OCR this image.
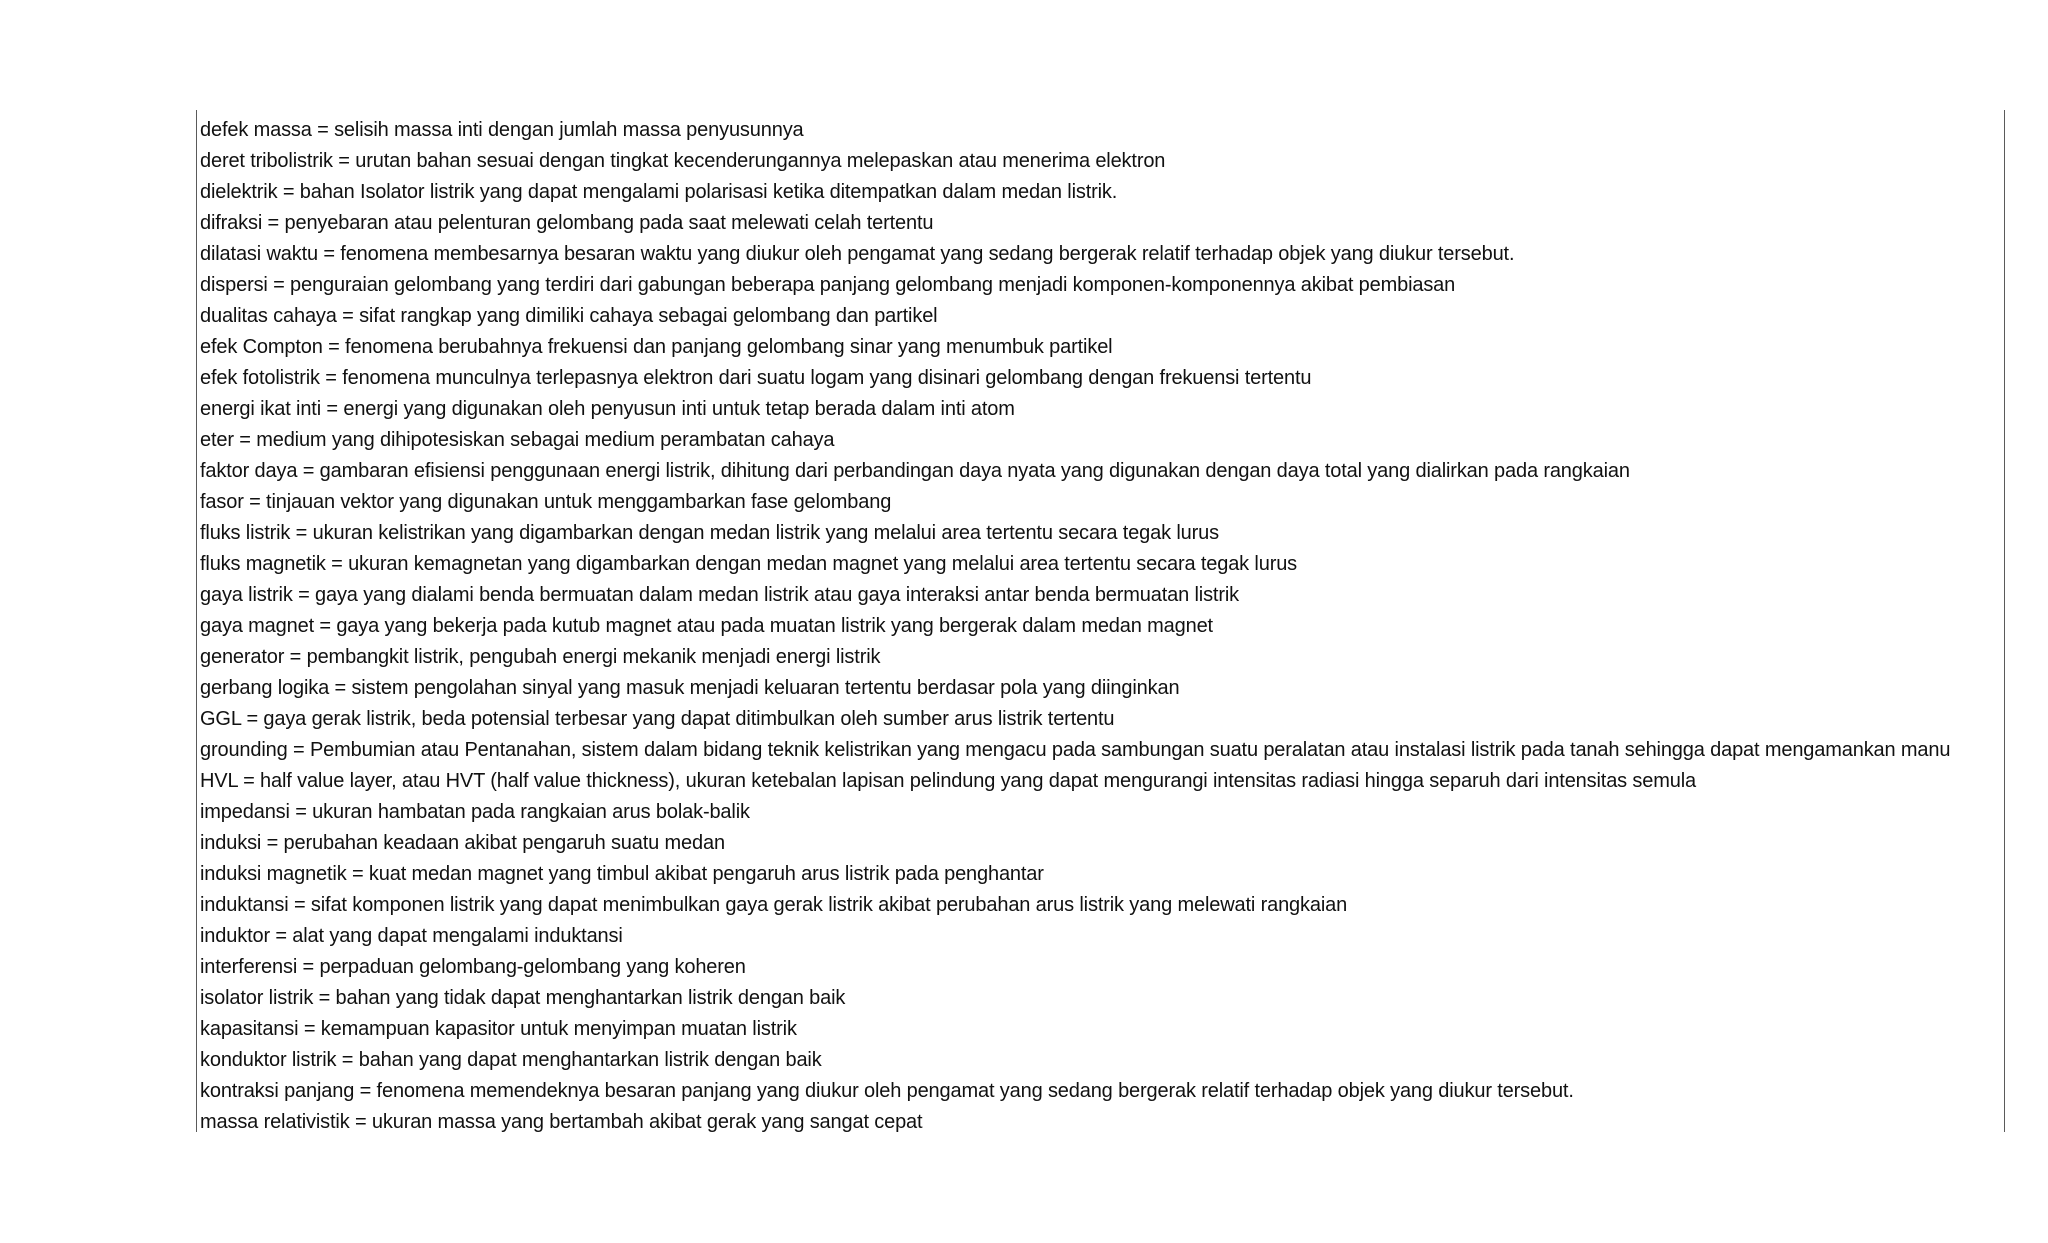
defek massa = selisih massa inti dengan jumlah massa penyusunnya
deret tribolistrik = urutan bahan sesuai dengan tingkat kecenderungannya melepaskan atau menerima elektron
dielektrik = bahan Isolator listrik yang dapat mengalami polarisasi ketika ditempatkan dalam medan listrik.
difraksi = penyebaran atau pelenturan gelombang pada saat melewati celah tertentu
dilatasi waktu = fenomena membesarnya besaran waktu yang diukur oleh pengamat yang sedang bergerak relatif terhadap objek yang diukur tersebut.
dispersi = penguraian gelombang yang terdiri dari gabungan beberapa panjang gelombang menjadi komponen-komponennya akibat pembiasan
dualitas cahaya = sifat rangkap yang dimiliki cahaya sebagai gelombang dan partikel
efek Compton = fenomena berubahnya frekuensi dan panjang gelombang sinar yang menumbuk partikel
efek fotolistrik = fenomena munculnya terlepasnya elektron dari suatu logam yang disinari gelombang dengan frekuensi tertentu
energi ikat inti = energi yang digunakan oleh penyusun inti untuk tetap berada dalam inti atom
eter = medium yang dihipotesiskan sebagai medium perambatan cahaya
faktor daya = gambaran efisiensi penggunaan energi listrik, dihitung dari perbandingan daya nyata yang digunakan dengan daya total yang dialirkan pada rangkaian
fasor = tinjauan vektor yang digunakan untuk menggambarkan fase gelombang
fluks listrik = ukuran kelistrikan yang digambarkan dengan medan listrik yang melalui area tertentu secara tegak lurus
fluks magnetik = ukuran kemagnetan yang digambarkan dengan medan magnet yang melalui area tertentu secara tegak lurus
gaya listrik = gaya yang dialami benda bermuatan dalam medan listrik atau gaya interaksi antar benda bermuatan listrik
gaya magnet = gaya yang bekerja pada kutub magnet atau pada muatan listrik yang bergerak dalam medan magnet
generator = pembangkit listrik, pengubah energi mekanik menjadi energi listrik
gerbang logika = sistem pengolahan sinyal yang masuk menjadi keluaran tertentu berdasar pola yang diinginkan
GGL = gaya gerak listrik, beda potensial terbesar yang dapat ditimbulkan oleh sumber arus listrik tertentu
grounding = Pembumian atau Pentanahan, sistem dalam bidang teknik kelistrikan yang mengacu pada sambungan suatu peralatan atau instalasi listrik pada tanah sehingga dapat mengamankan manu
HVL = half value layer, atau HVT (half value thickness), ukuran ketebalan lapisan pelindung yang dapat mengurangi intensitas radiasi hingga separuh dari intensitas semula
impedansi = ukuran hambatan pada rangkaian arus bolak-balik
induksi = perubahan keadaan akibat pengaruh suatu medan
induksi magnetik = kuat medan magnet yang timbul akibat pengaruh arus listrik pada penghantar
induktansi = sifat komponen listrik yang dapat menimbulkan gaya gerak listrik akibat perubahan arus listrik yang melewati rangkaian
induktor = alat yang dapat mengalami induktansi
interferensi = perpaduan gelombang-gelombang yang koheren
isolator listrik = bahan yang tidak dapat menghantarkan listrik dengan baik
kapasitansi = kemampuan kapasitor untuk menyimpan muatan listrik
konduktor listrik = bahan yang dapat menghantarkan listrik dengan baik
kontraksi panjang = fenomena memendeknya besaran panjang yang diukur oleh pengamat yang sedang bergerak relatif terhadap objek yang diukur tersebut.
massa relativistik = ukuran massa yang bertambah akibat gerak yang sangat cepat
